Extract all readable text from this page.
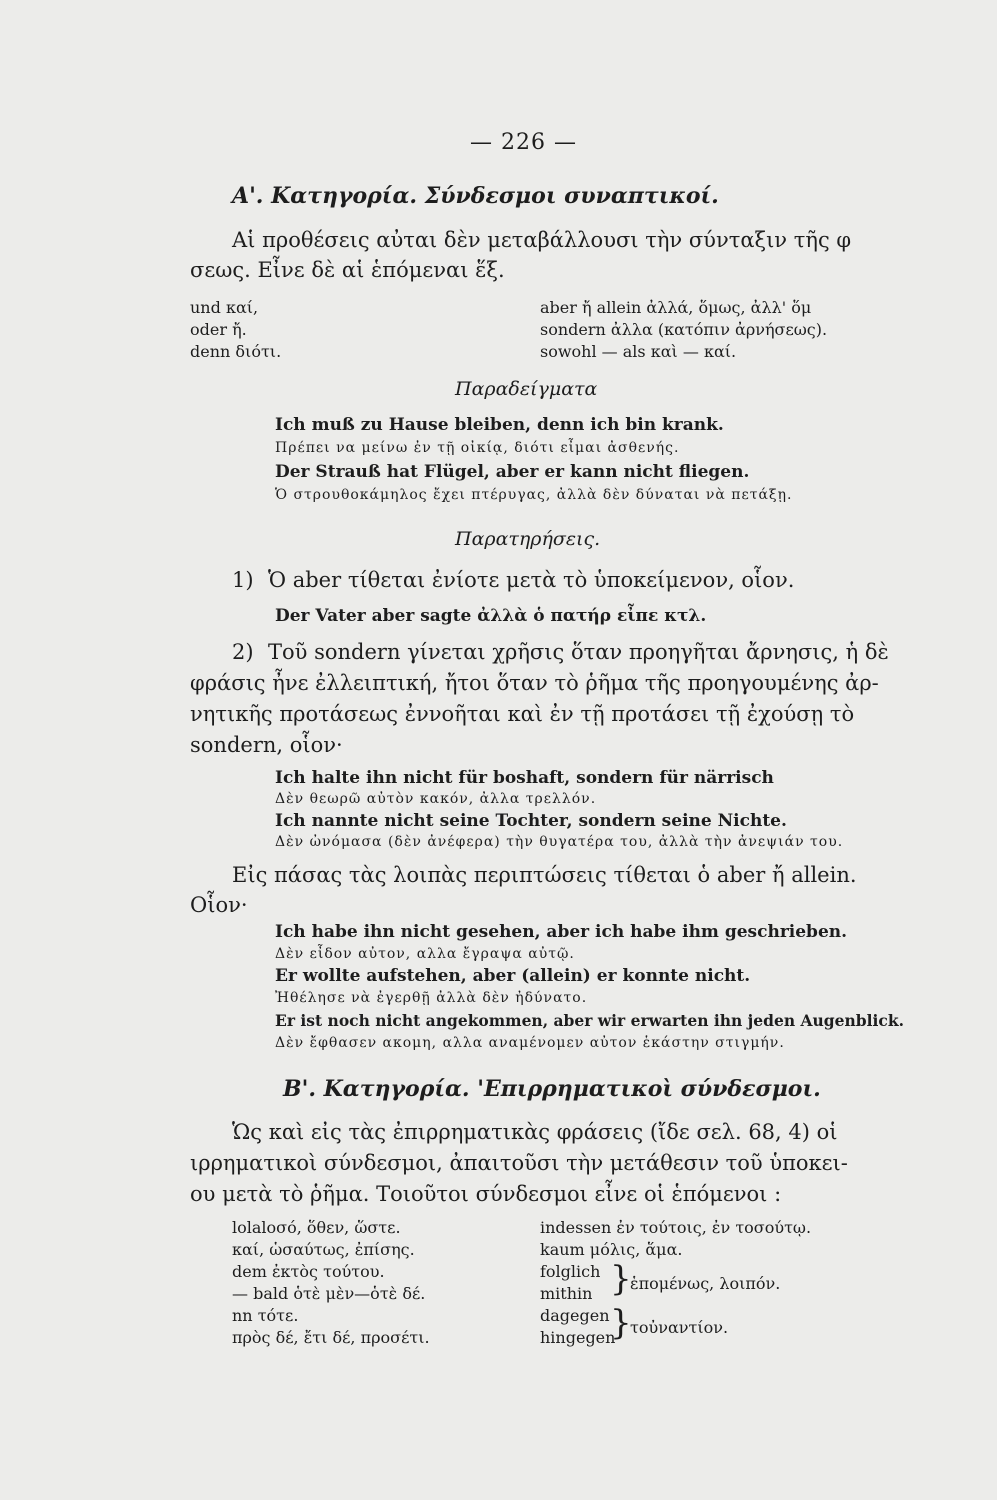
— 226 —
Α'. Κατηγορία. Σύνδεσμοι συναπτικοί.
Αἱ προθέσεις αὐται δὲν μεταβάλλουσι τὴν σύνταξιν τῆς φ
σεως. Εἶνε δὲ αἱ ἑπόμεναι ἕξ.
und καί,
oder ἤ.
denn διότι.
aber ἤ allein ἀλλά, ὅμως, ἀλλ' ὅμ
sondern ἀλλα (κατόπιν ἀρνήσεως).
sowohl — als καὶ — καί.
Παραδείγματα
Ich muß zu Hause bleiben, denn ich bin krank.
Πρέπει να μείνω ἐν τῇ οἰκίᾳ, διότι εἶμαι ἀσθενής.
Der Strauß hat Flügel, aber er kann nicht fliegen.
Ὁ στρουθοκάμηλος ἔχει πτέρυγας, ἀλλὰ δὲν δύναται νὰ πετάξῃ.
Παρατηρήσεις.
1) Ὁ aber τίθεται ἐνίοτε μετὰ τὸ ὑποκείμενον, οἷον.
Der Vater aber sagte ἀλλὰ ὁ πατήρ εἶπε κτλ.
2) Τοῦ sondern γίνεται χρῆσις ὅταν προηγῆται ἄρνησις, ἡ δὲ
φράσις ἦνε ἐλλειπτική, ἤτοι ὅταν τὸ ῥῆμα τῆς προηγουμένης ἀρ-
νητικῆς προτάσεως ἐννοῆται καὶ ἐν τῇ προτάσει τῇ ἐχούσῃ τὸ
sondern, οἷον·
Ich halte ihn nicht für boshaft, sondern für närrisch
Δὲν θεωρῶ αὐτὸν κακόν, ἀλλα τρελλόν.
Ich nannte nicht seine Tochter, sondern seine Nichte.
Δὲν ὠνόμασα (δὲν ἀνέφερα) τὴν θυγατέρα του, ἀλλὰ τὴν ἀνεψιάν του.
Εἰς πάσας τὰς λοιπὰς περιπτώσεις τίθεται ὁ aber ἤ allein.
Οἷον·
Ich habe ihn nicht gesehen, aber ich habe ihm geschrieben.
Δὲν εἶδον αὐτον, αλλα ἔγραψα αὐτῷ.
Er wollte aufstehen, aber (allein) er konnte nicht.
Ἠθέλησε νὰ ἐγερθῇ ἀλλὰ δὲν ἠδύνατο.
Er ist noch nicht angekommen, aber wir erwarten ihn jeden Augenblick.
Δὲν ἔφθασεν ακομη, αλλα αναμένομεν αὐτον ἑκάστην στιγμήν.
Β'. Κατηγορία. 'Επιρρηματικοὶ σύνδεσμοι.
Ὡς καὶ εἰς τὰς ἐπιρρηματικὰς φράσεις (ἴδε σελ. 68, 4) οἱ
ιρρηματικοὶ σύνδεσμοι, ἀπαιτοῦσι τὴν μετάθεσιν τοῦ ὑποκει-
ου μετὰ τὸ ῥῆμα. Τοιοῦτοι σύνδεσμοι εἶνε οἱ ἑπόμενοι :
lolaloσό, ὅθεν, ὥστε.
καί, ὡσαύτως, ἐπίσης.
dem ἐκτὸς τούτου.
— bald ὁτὲ μὲν—ὁτὲ δέ.
nn τότε.
πρὸς δέ, ἔτι δέ, προσέτι.
indessen ἐν τούτοις, ἐν τοσούτῳ.
kaum μόλις, ἅμα.
folglich
mithin }
ἑπομένως, λοιπόν.
dagegen
hingegen
}
τοὐναντίον.
